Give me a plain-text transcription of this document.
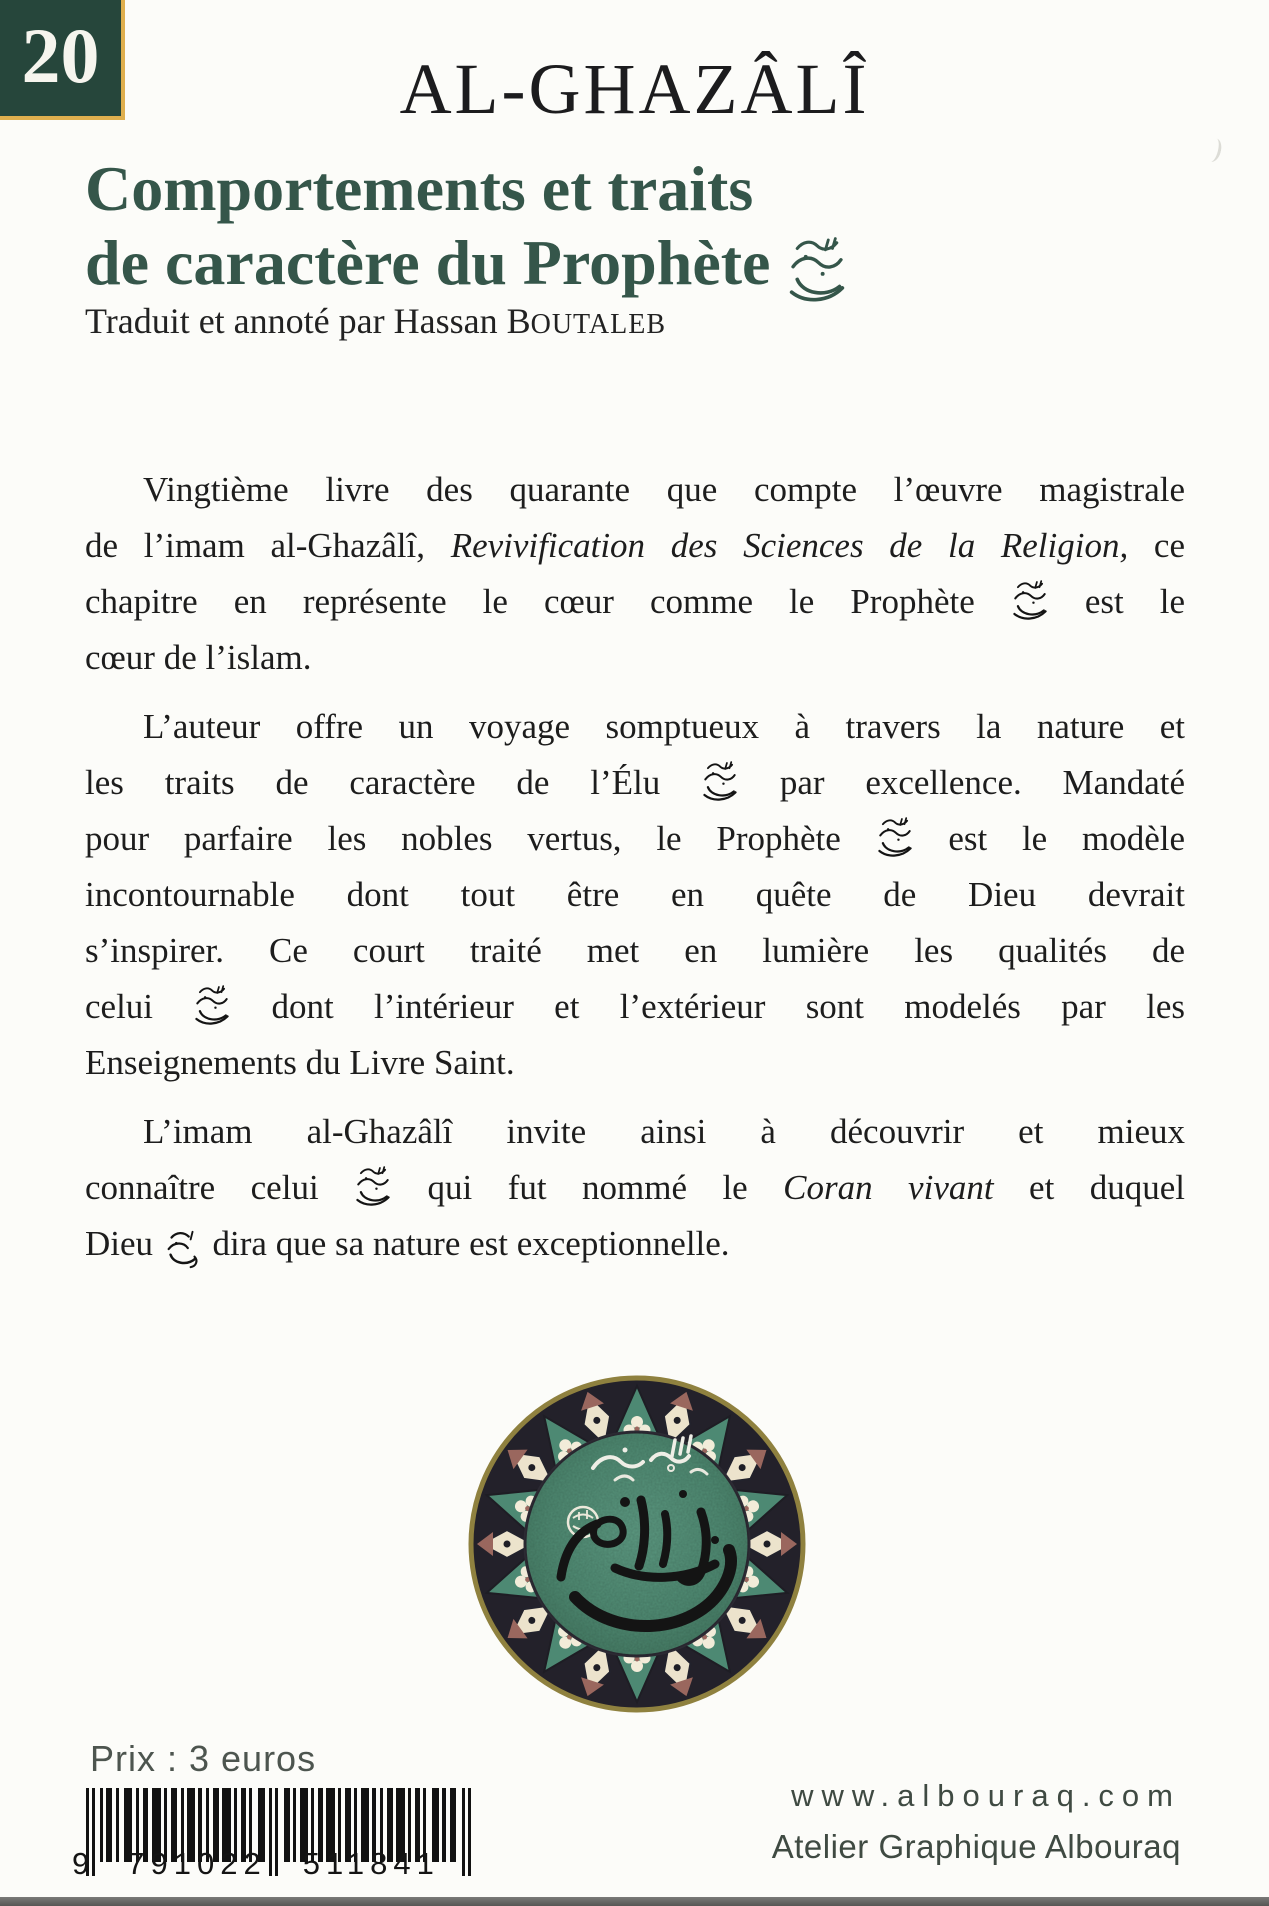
20	AL-GHAZÂLÎ
Comportements et traits
de caractère du Prophète
Traduit et annoté par Hassan BOUTALEB
Vingtième livre des quarante que compte l’œuvre magistrale
de l’imam al-Ghazâlî, Revivification des Sciences de la Religion, ce
chapitre en représente le cœur comme le Prophète  est le
cœur de l’islam.
L’auteur offre un voyage somptueux à travers la nature et
les traits de caractère de l’Élu  par excellence. Mandaté
pour parfaire les nobles vertus, le Prophète  est le modèle
incontournable dont tout être en quête de Dieu devrait
s’inspirer. Ce court traité met en lumière les qualités de
celui  dont l’intérieur et l’extérieur sont modelés par les
Enseignements du Livre Saint.
L’imam al-Ghazâlî invite ainsi à découvrir et mieux
connaître celui  qui fut nommé le Coran vivant et duquel
Dieu  dira que sa nature est exceptionnelle.
Prix : 3 euros
9 791022 511841
www.albouraq.com
Atelier Graphique Albouraq
